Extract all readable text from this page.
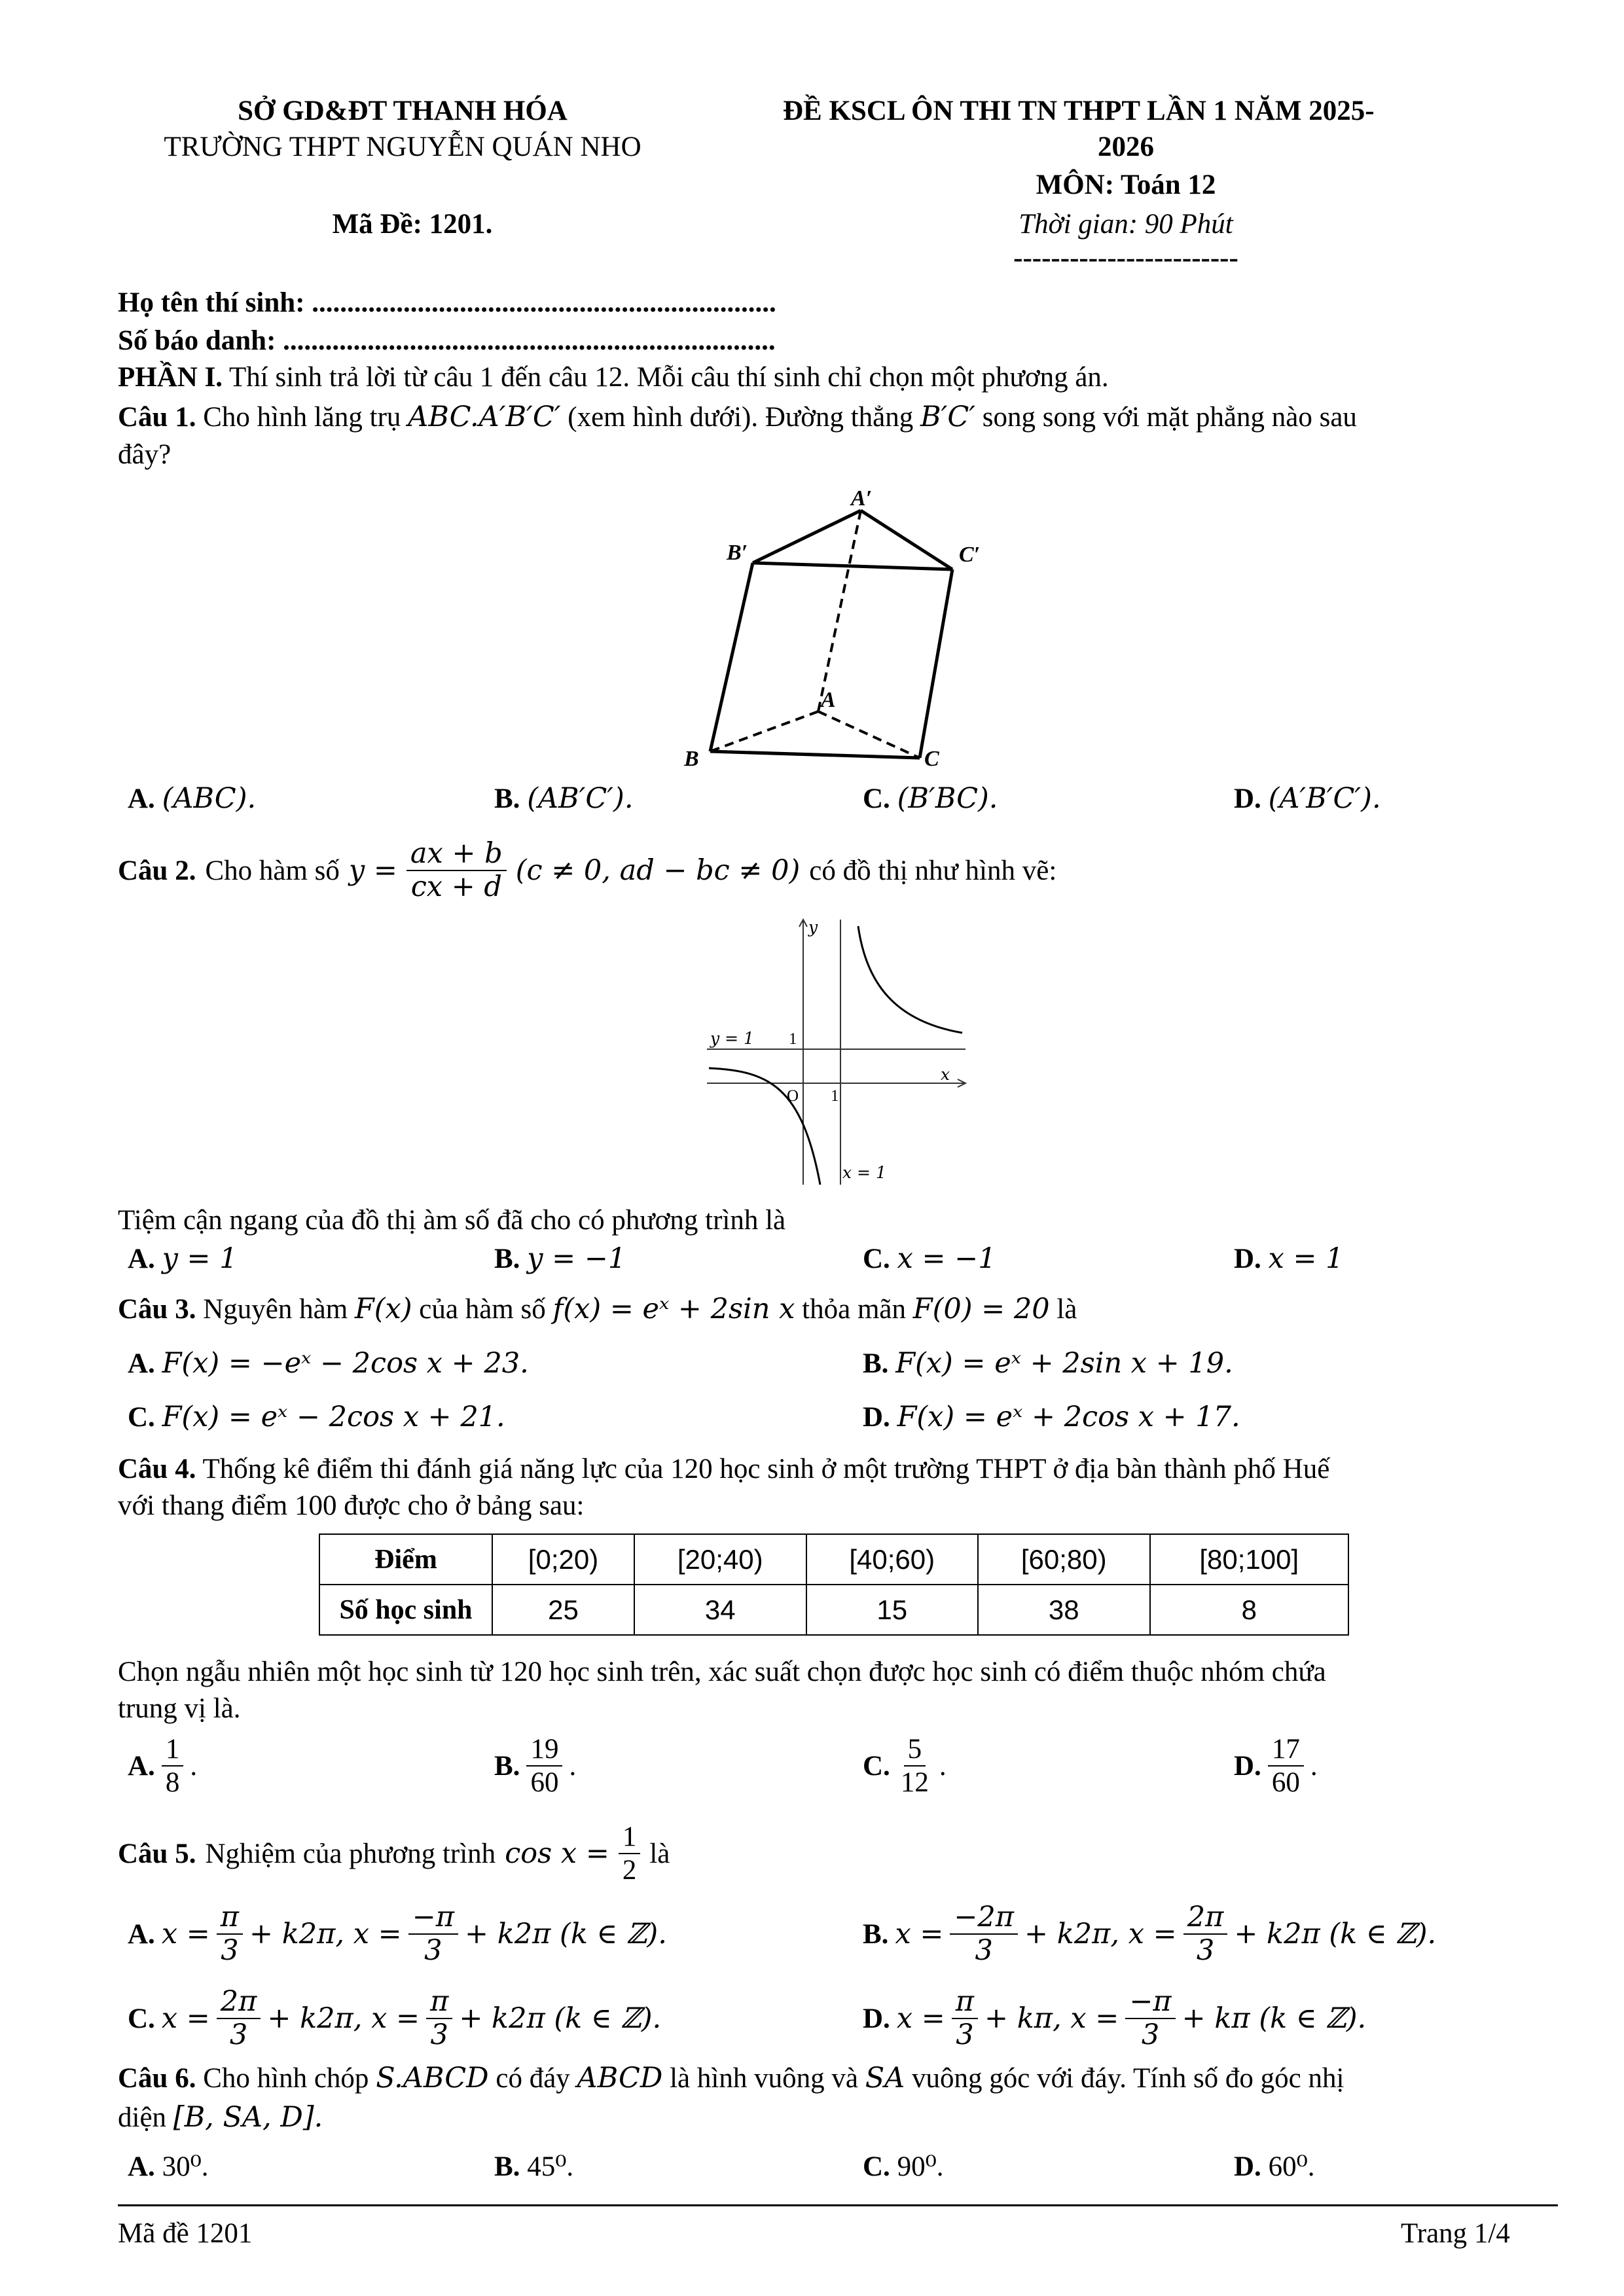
SỞ GD&ĐT THANH HÓA
TRƯỜNG THPT NGUYỄN QUÁN NHO
ĐỀ KSCL ÔN THI TN THPT LẦN 1 NĂM 2025-
2026
MÔN: Toán 12
Mã Đề: 1201.	Thời gian: 90 Phút
------------------------
Họ tên thí sinh: ..................................................................
Số báo danh: ......................................................................
PHẦN I. Thí sinh trả lời từ câu 1 đến câu 12. Mỗi câu thí sinh chỉ chọn một phương án.
Câu 1. Cho hình lăng trụ ABC.A′B′C′ (xem hình dưới). Đường thẳng B′C′ song song với mặt phẳng nào sau
đây?
A′
B′	C′
A
B	C
A. (ABC).	B. (AB′C′).	C. (B′BC).	D. (A′B′C′).
Câu 2. Cho hàm số $y = \frac{ax + b}{cx + d} (c \ne 0$, ad − bc ≠ 0) có đồ thị như hình vẽ:
y
x
y = 1
x = 1
1
O 1
Tiệm cận ngang của đồ thị àm số đã cho có phương trình là
A. y = 1	B. y = −1	C. x = −1	D. x = 1
Câu 3. Nguyên hàm F(x) của hàm số f(x) = eˣ + 2sin x thỏa mãn F(0) = 20 là
A. F(x) = −eˣ − 2cos x + 23.	B. F(x) = eˣ + 2sin x + 19.
C. F(x) = eˣ − 2cos x + 21.	D. F(x) = eˣ + 2cos x + 17.
Câu 4. Thống kê điểm thi đánh giá năng lực của 120 học sinh ở một trường THPT ở địa bàn thành phố Huế
với thang điểm 100 được cho ở bảng sau:
Điểm	[0;20)	[20;40)	[40;60)	[60;80)	[80;100]
Số học sinh	25	34	15	38	8
Chọn ngẫu nhiên một học sinh từ 120 học sinh trên, xác suất chọn được học sinh có điểm thuộc nhóm chứa
trung vị là.
A. $\frac{1}{8}$ .	B. $\frac{19}{60}$ .	C. $\frac{5}{12}$ .	D. $\frac{17}{60}$ .
Câu 5. Nghiệm của phương trình $\cos x = \frac{1}{2}$ là
A. $x = \frac{\pi}{3} + k2\pi$, $x = \frac{-\pi}{3} + k2\pi$ (k ∈ ℤ).	B. $x = \frac{-2\pi}{3} + k2\pi$, $x = \frac{2\pi}{3} + k2\pi$ (k ∈ ℤ).
C. $x = \frac{2\pi}{3} + k2\pi$, $x = \frac{\pi}{3} + k2\pi$ (k ∈ ℤ).	D. $x = \frac{\pi}{3} + k\pi$, $x = \frac{-\pi}{3} + k\pi$ (k ∈ ℤ).
Câu 6. Cho hình chóp S.ABCD có đáy ABCD là hình vuông và SA vuông góc với đáy. Tính số đo góc nhị
diện [B, SA, D].
A. 30⁰.	B. 45⁰.	C. 90⁰.	D. 60⁰.
Mã đề 1201	Trang 1/4
